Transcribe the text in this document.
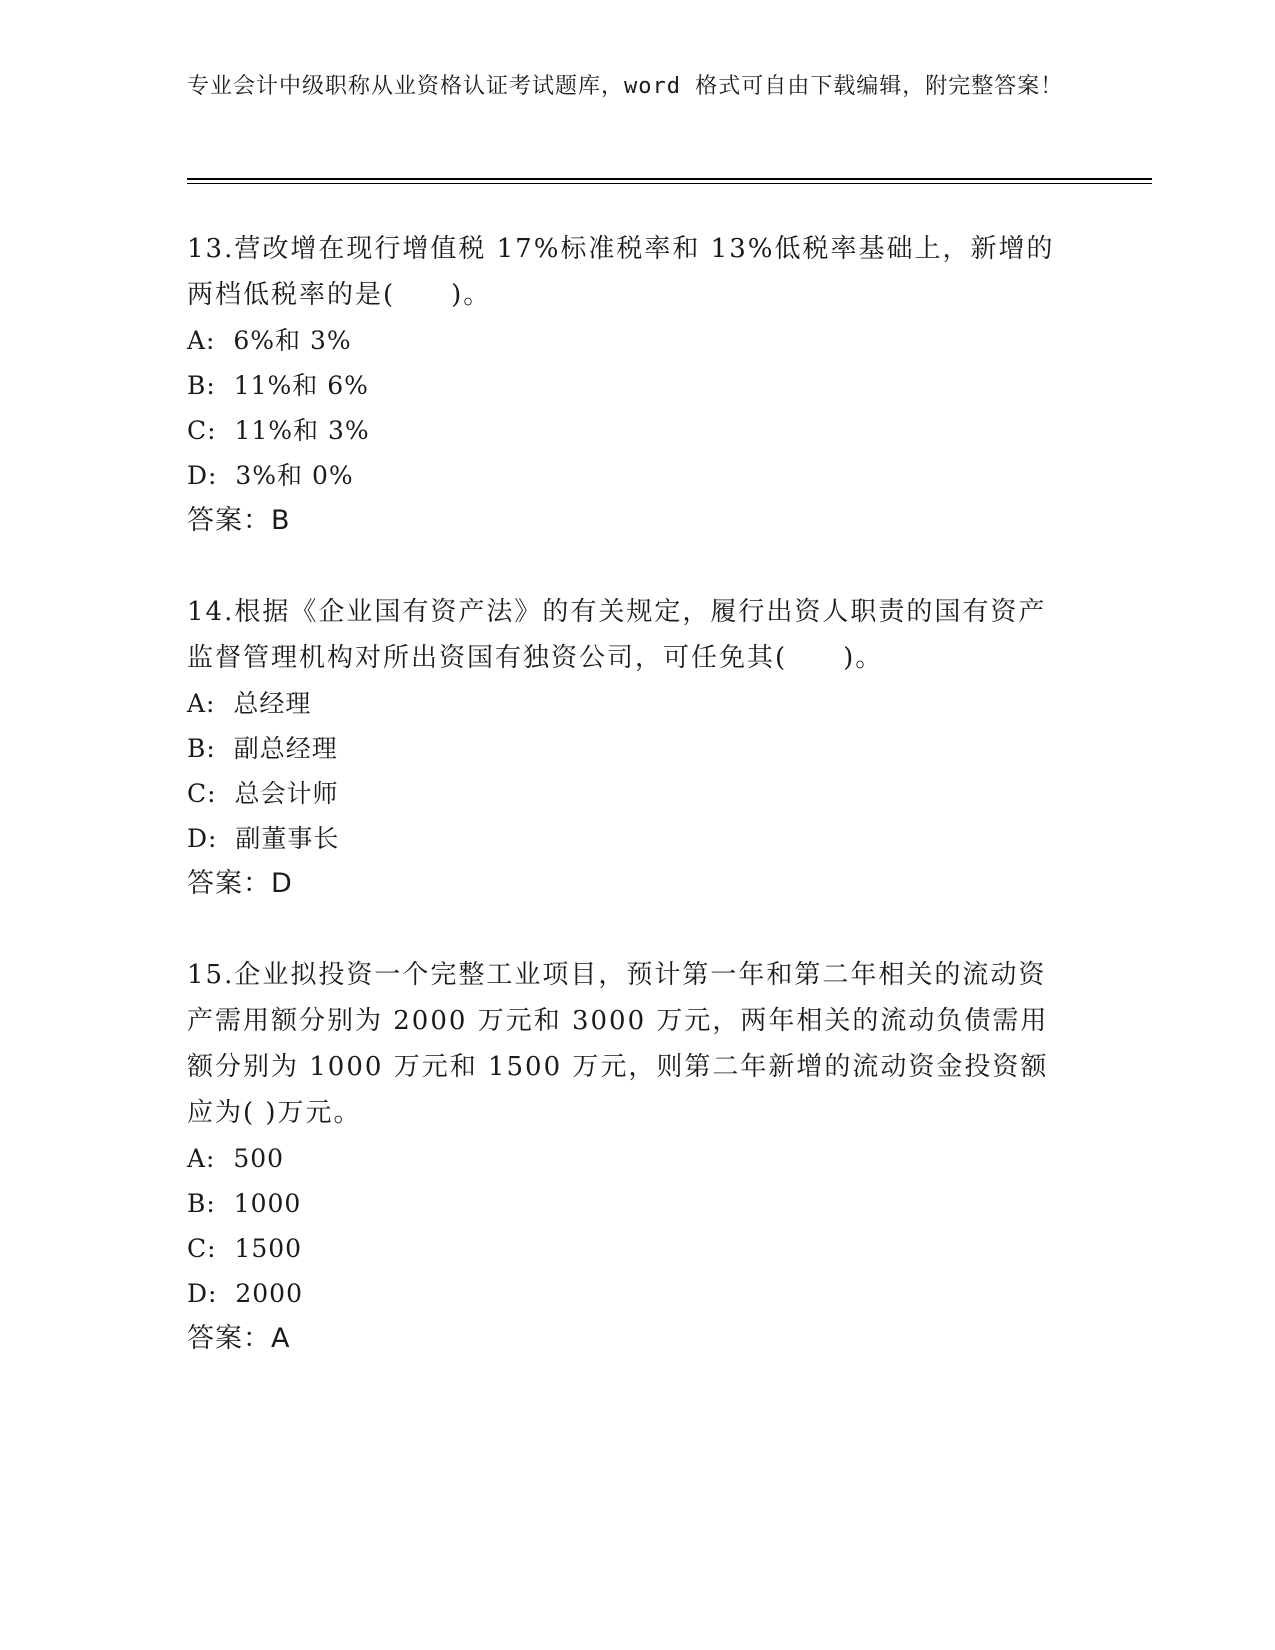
专业会计中级职称从业资格认证考试题库，word 格式可自由下载编辑，附完整答案！

13.营改增在现行增值税 17%标准税率和 13%低税率基础上，新增的两档低税率的是(　　)。

A:  6%和 3%
B:  11%和 6%
C:  11%和 3%
D:  3%和 0%

答案：B

14.根据《企业国有资产法》的有关规定，履行出资人职责的国有资产监督管理机构对所出资国有独资公司，可任免其(　　)。

A:  总经理
B:  副总经理
C:  总会计师
D:  副董事长

答案：D

15.企业拟投资一个完整工业项目，预计第一年和第二年相关的流动资产需用额分别为 2000 万元和 3000 万元，两年相关的流动负债需用额分别为 1000 万元和 1500 万元，则第二年新增的流动资金投资额应为( )万元。

A:  500
B:  1000
C:  1500
D:  2000

答案：A
